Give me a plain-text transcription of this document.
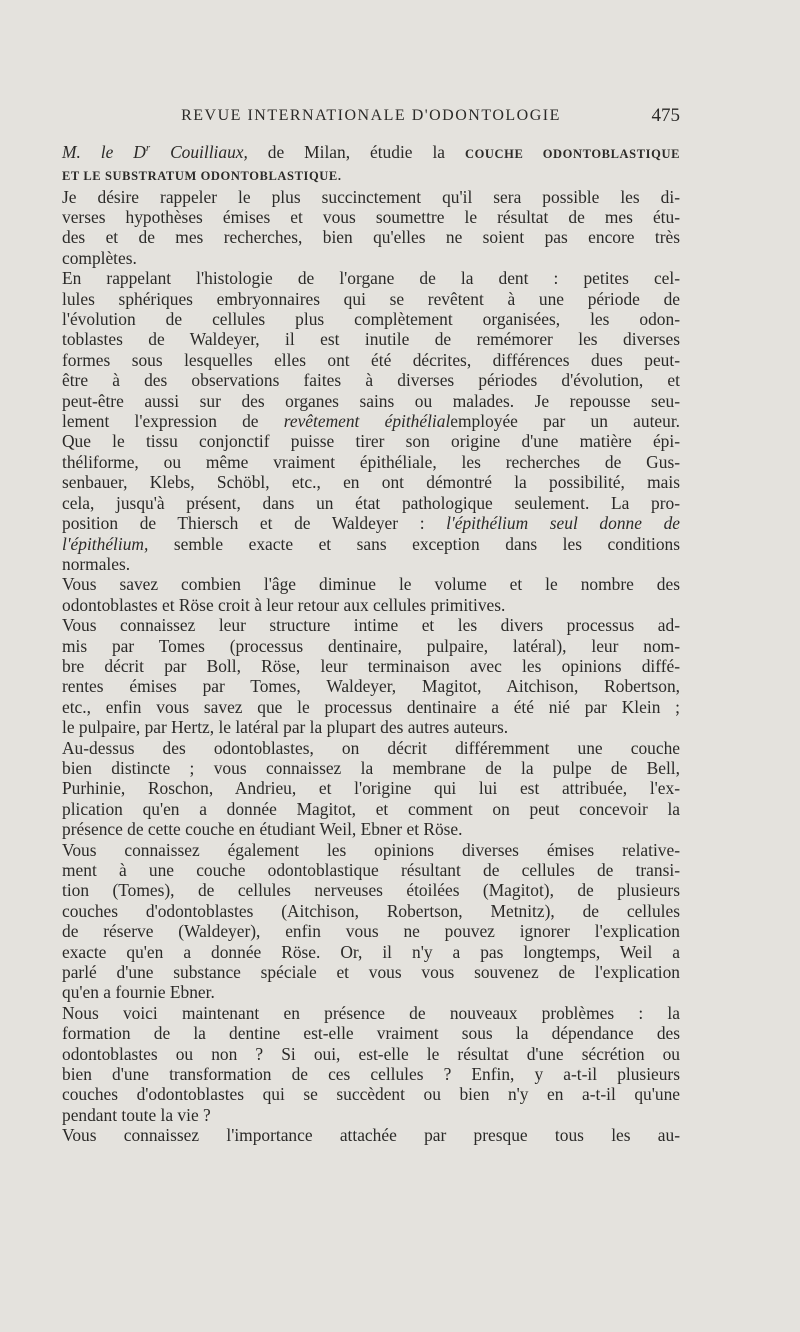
REVUE INTERNATIONALE D'ODONTOLOGIE	475
M. le $D^r$ Couilliaux, de Milan, étudie la COUCHE ODONTOBLASTIQUE
ET LE SUBSTRATUM ODONTOBLASTIQUE.
Je désire rappeler le plus succinctement qu'il sera possible les di-
verses hypothèses émises et vous soumettre le résultat de mes étu-
des et de mes recherches, bien qu'elles ne soient pas encore très
complètes.
En rappelant l'histologie de l'organe de la dent : petites cel-
lules sphériques embryonnaires qui se revêtent à une période de
l'évolution de cellules plus complètement organisées, les odon-
toblastes de Waldeyer, il est inutile de remémorer les diverses
formes sous lesquelles elles ont été décrites, différences dues peut-
être à des observations faites à diverses périodes d'évolution, et
peut-être aussi sur des organes sains ou malades. Je repousse seu-
lement l'expression de revêtement épithélialemployée par un auteur.
Que le tissu conjonctif puisse tirer son origine d'une matière épi-
théliforme, ou même vraiment épithéliale, les recherches de Gus-
senbauer, Klebs, Schöbl, etc., en ont démontré la possibilité, mais
cela, jusqu'à présent, dans un état pathologique seulement. La pro-
position de Thiersch et de Waldeyer : l'épithélium seul donne de
l'épithélium, semble exacte et sans exception dans les conditions
normales.
Vous savez combien l'âge diminue le volume et le nombre des
odontoblastes et Röse croit à leur retour aux cellules primitives.
Vous connaissez leur structure intime et les divers processus ad-
mis par Tomes (processus dentinaire, pulpaire, latéral), leur nom-
bre décrit par Boll, Röse, leur terminaison avec les opinions diffé-
rentes émises par Tomes, Waldeyer, Magitot, Aitchison, Robertson,
etc., enfin vous savez que le processus dentinaire a été nié par Klein ;
le pulpaire, par Hertz, le latéral par la plupart des autres auteurs.
Au-dessus des odontoblastes, on décrit différemment une couche
bien distincte ; vous connaissez la membrane de la pulpe de Bell,
Purhinie, Roschon, Andrieu, et l'origine qui lui est attribuée, l'ex-
plication qu'en a donnée Magitot, et comment on peut concevoir la
présence de cette couche en étudiant Weil, Ebner et Röse.
Vous connaissez également les opinions diverses émises relative-
ment à une couche odontoblastique résultant de cellules de transi-
tion (Tomes), de cellules nerveuses étoilées (Magitot), de plusieurs
couches d'odontoblastes (Aitchison, Robertson, Metnitz), de cellules
de réserve (Waldeyer), enfin vous ne pouvez ignorer l'explication
exacte qu'en a donnée Röse. Or, il n'y a pas longtemps, Weil a
parlé d'une substance spéciale et vous vous souvenez de l'explication
qu'en a fournie Ebner.
Nous voici maintenant en présence de nouveaux problèmes : la
formation de la dentine est-elle vraiment sous la dépendance des
odontoblastes ou non ? Si oui, est-elle le résultat d'une sécrétion ou
bien d'une transformation de ces cellules ? Enfin, y a-t-il plusieurs
couches d'odontoblastes qui se succèdent ou bien n'y en a-t-il qu'une
pendant toute la vie ?
Vous connaissez l'importance attachée par presque tous les au-
